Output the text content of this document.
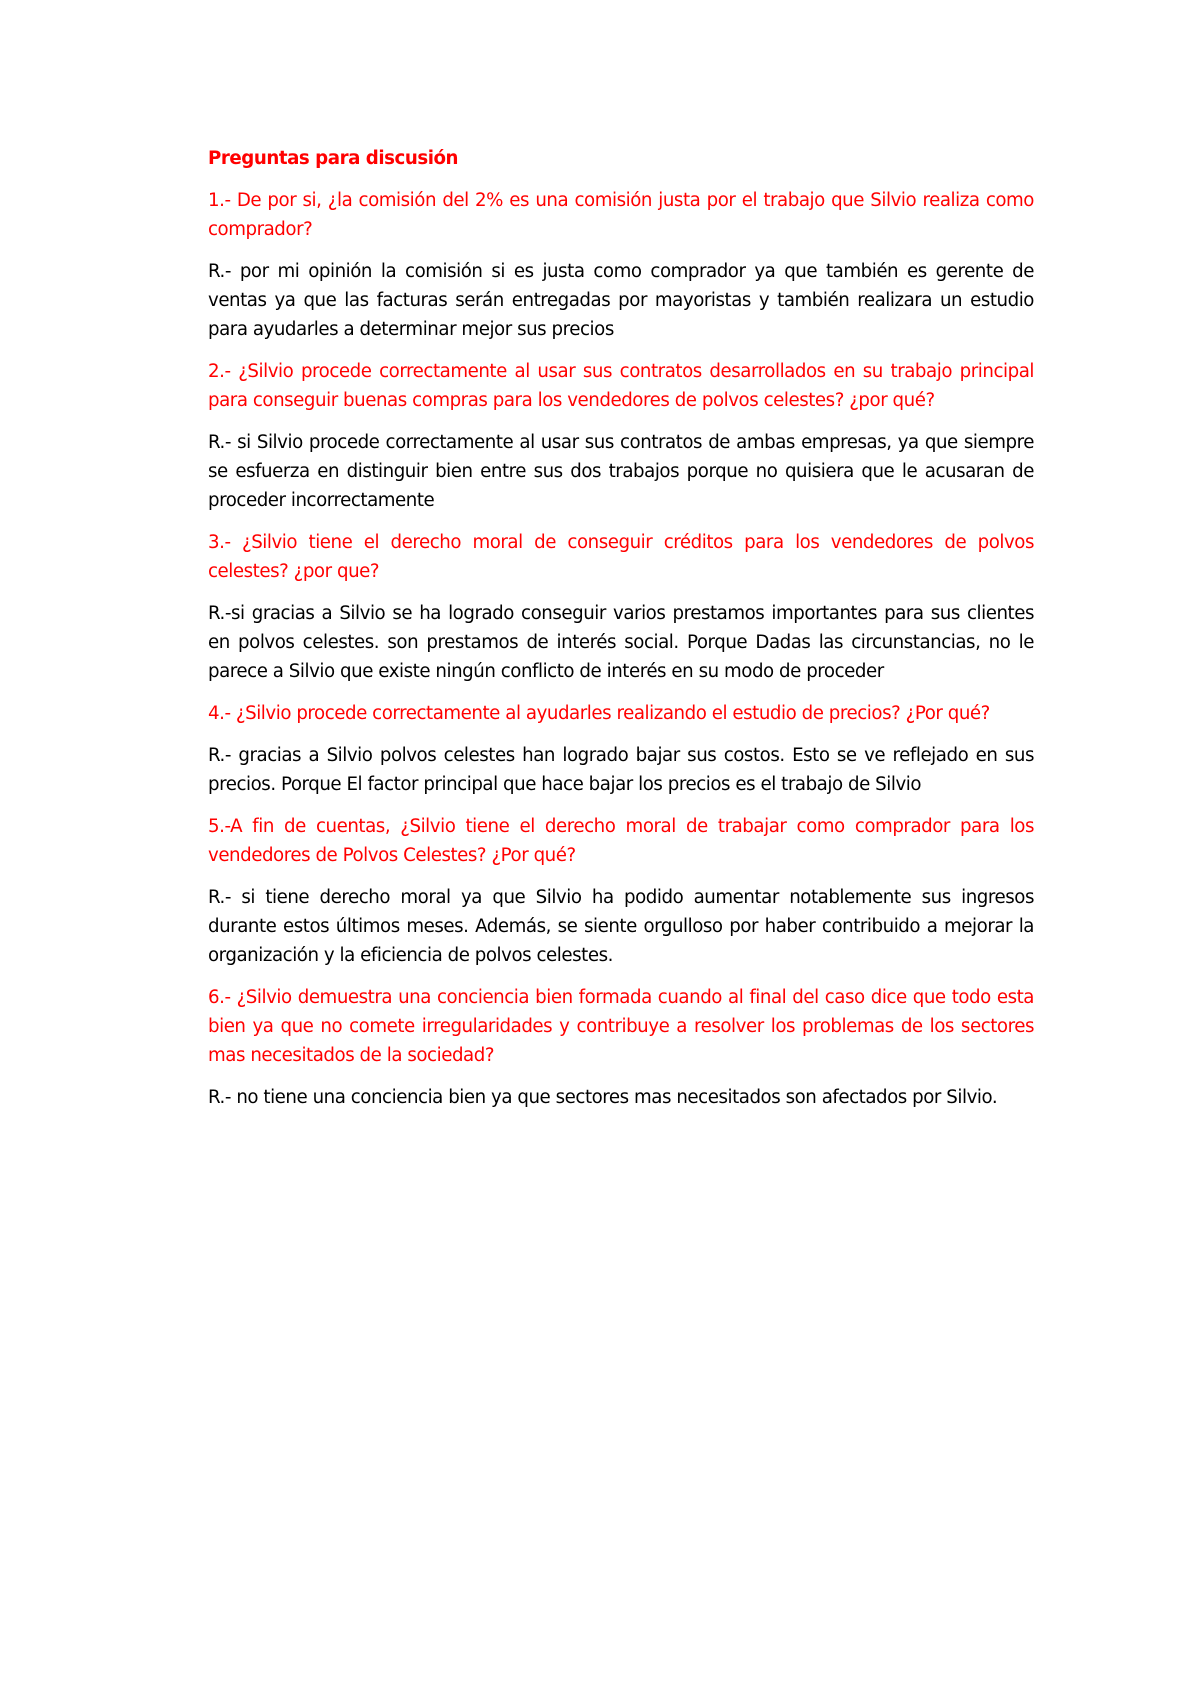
Preguntas para discusión

1.- De por si, ¿la comisión del 2% es una comisión justa por el trabajo que Silvio realiza como comprador?

R.- por mi opinión la comisión si es justa como comprador ya que también es gerente de ventas ya que las facturas serán entregadas por mayoristas y también realizara un estudio para ayudarles a determinar mejor sus precios

2.- ¿Silvio procede correctamente al usar sus contratos desarrollados en su trabajo principal para conseguir buenas compras para los vendedores de polvos celestes? ¿por qué?

R.- si Silvio procede correctamente al usar sus contratos de ambas empresas, ya que siempre se esfuerza en distinguir bien entre sus dos trabajos porque no quisiera que le acusaran de proceder incorrectamente

3.- ¿Silvio tiene el derecho moral de conseguir créditos para los vendedores de polvos celestes? ¿por que?

R.-si gracias a Silvio se ha logrado conseguir varios prestamos importantes para sus clientes en polvos celestes. son prestamos de interés social. Porque Dadas las circunstancias, no le parece a Silvio que existe ningún conflicto de interés en su modo de proceder

4.- ¿Silvio procede correctamente al ayudarles realizando el estudio de precios? ¿Por qué?

R.- gracias a Silvio polvos celestes han logrado bajar sus costos. Esto se ve reflejado en sus precios. Porque El factor principal que hace bajar los precios es el trabajo de Silvio

5.-A fin de cuentas, ¿Silvio tiene el derecho moral de trabajar como comprador para los vendedores de Polvos Celestes? ¿Por qué?

R.- si tiene derecho moral ya que Silvio ha podido aumentar notablemente sus ingresos durante estos últimos meses. Además, se siente orgulloso por haber contribuido a mejorar la organización y la eficiencia de polvos celestes.

6.- ¿Silvio demuestra una conciencia bien formada cuando al final del caso dice que todo esta bien ya que no comete irregularidades y contribuye a resolver los problemas de los sectores mas necesitados de la sociedad?

R.- no tiene una conciencia bien ya que sectores mas necesitados son afectados por Silvio.
